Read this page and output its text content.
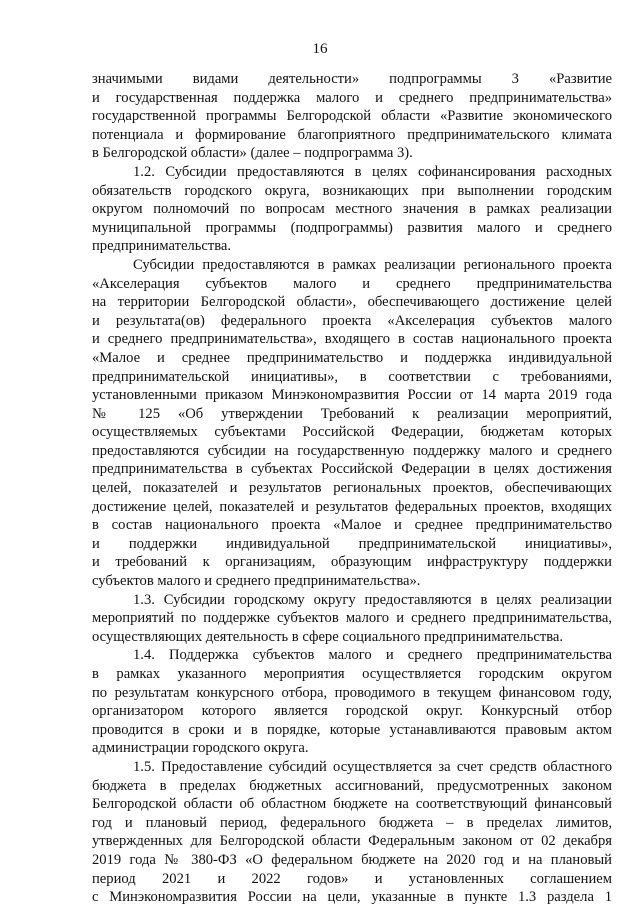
16
значимыми видами деятельности» подпрограммы 3 «Развитие
и государственная поддержка малого и среднего предпринимательства»
государственной программы Белгородской области «Развитие экономического
потенциала и формирование благоприятного предпринимательского климата
в Белгородской области» (далее – подпрограмма 3).
1.2. Субсидии предоставляются в целях софинансирования расходных
обязательств городского округа, возникающих при выполнении городским
округом полномочий по вопросам местного значения в рамках реализации
муниципальной программы (подпрограммы) развития малого и среднего
предпринимательства.
Субсидии предоставляются в рамках реализации регионального проекта
«Акселерация субъектов малого и среднего предпринимательства
на территории Белгородской области», обеспечивающего достижение целей
и результата(ов) федерального проекта «Акселерация субъектов малого
и среднего предпринимательства», входящего в состав национального проекта
«Малое и среднее предпринимательство и поддержка индивидуальной
предпринимательской инициативы», в соответствии с требованиями,
установленными приказом Минэкономразвития России от 14 марта 2019 года
№ 125 «Об утверждении Требований к реализации мероприятий,
осуществляемых субъектами Российской Федерации, бюджетам которых
предоставляются субсидии на государственную поддержку малого и среднего
предпринимательства в субъектах Российской Федерации в целях достижения
целей, показателей и результатов региональных проектов, обеспечивающих
достижение целей, показателей и результатов федеральных проектов, входящих
в состав национального проекта «Малое и среднее предпринимательство
и поддержки индивидуальной предпринимательской инициативы»,
и требований к организациям, образующим инфраструктуру поддержки
субъектов малого и среднего предпринимательства».
1.3. Субсидии городскому округу предоставляются в целях реализации
мероприятий по поддержке субъектов малого и среднего предпринимательства,
осуществляющих деятельность в сфере социального предпринимательства.
1.4. Поддержка субъектов малого и среднего предпринимательства
в рамках указанного мероприятия осуществляется городским округом
по результатам конкурсного отбора, проводимого в текущем финансовом году,
организатором которого является городской округ. Конкурсный отбор
проводится в сроки и в порядке, которые устанавливаются правовым актом
администрации городского округа.
1.5. Предоставление субсидий осуществляется за счет средств областного
бюджета в пределах бюджетных ассигнований, предусмотренных законом
Белгородской области об областном бюджете на соответствующий финансовый
год и плановый период, федерального бюджета – в пределах лимитов,
утвержденных для Белгородской области Федеральным законом от 02 декабря
2019 года № 380-ФЗ «О федеральном бюджете на 2020 год и на плановый
период 2021 и 2022 годов» и установленных соглашением
с Минэкономразвития России на цели, указанные в пункте 1.3 раздела 1
